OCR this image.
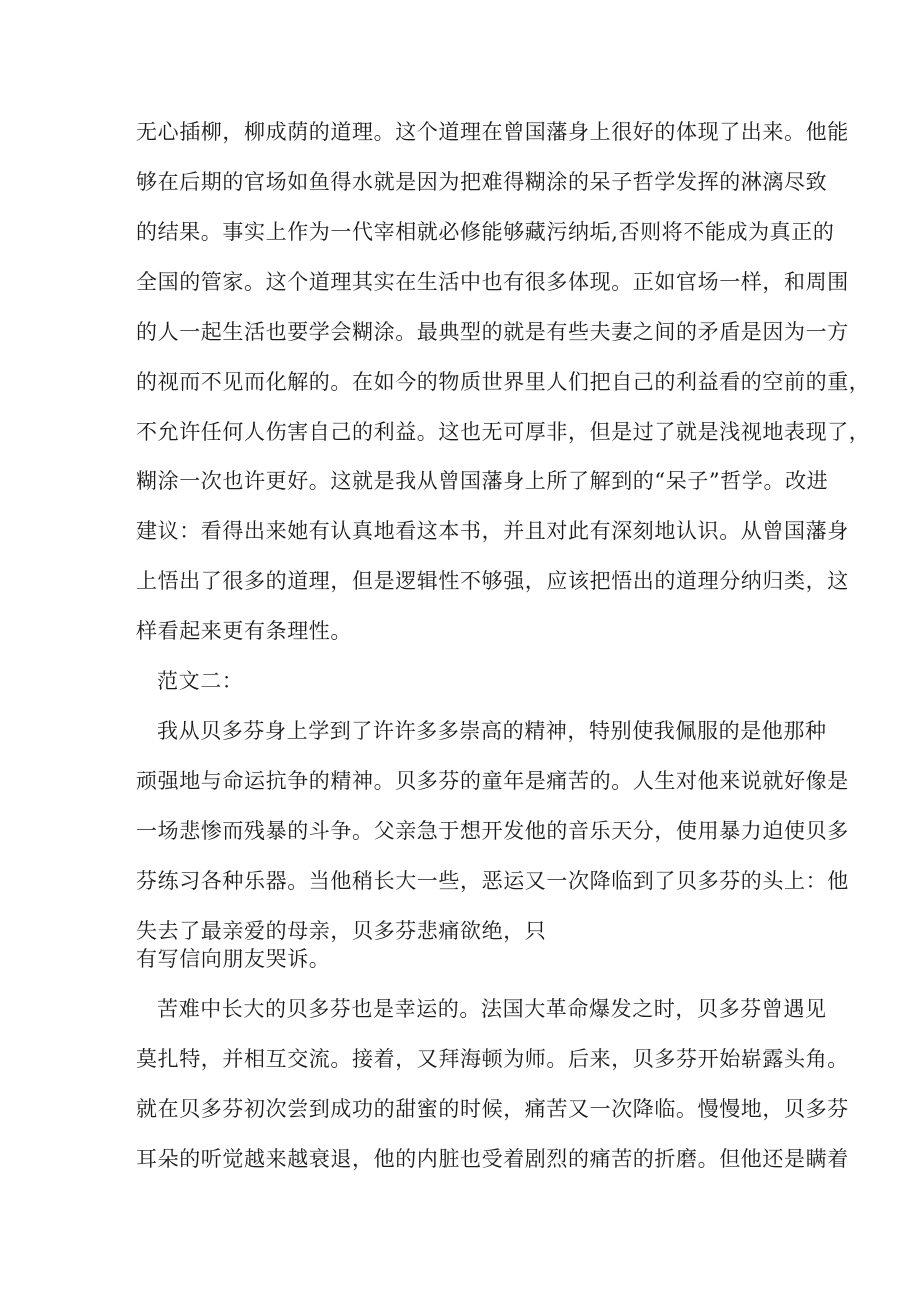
无心插柳，柳成荫的道理。这个道理在曾国藩身上很好的体现了出来。他能
够在后期的官场如鱼得水就是因为把难得糊涂的呆子哲学发挥的淋漓尽致
的结果。事实上作为一代宰相就必修能够藏污纳垢,否则将不能成为真正的
全国的管家。这个道理其实在生活中也有很多体现。正如官场一样，和周围
的人一起生活也要学会糊涂。最典型的就是有些夫妻之间的矛盾是因为一方
的视而不见而化解的。在如今的物质世界里人们把自己的利益看的空前的重，
不允许任何人伤害自己的利益。这也无可厚非，但是过了就是浅视地表现了，
糊涂一次也许更好。这就是我从曾国藩身上所了解到的“呆子”哲学。改进
建议：看得出来她有认真地看这本书，并且对此有深刻地认识。从曾国藩身
上悟出了很多的道理，但是逻辑性不够强，应该把悟出的道理分纳归类，这
样看起来更有条理性。
范文二：
我从贝多芬身上学到了许许多多崇高的精神，特别使我佩服的是他那种
顽强地与命运抗争的精神。贝多芬的童年是痛苦的。人生对他来说就好像是
一场悲惨而残暴的斗争。父亲急于想开发他的音乐天分，使用暴力迫使贝多
芬练习各种乐器。当他稍长大一些，恶运又一次降临到了贝多芬的头上：他
失去了最亲爱的母亲，贝多芬悲痛欲绝，只
有写信向朋友哭诉。
苦难中长大的贝多芬也是幸运的。法国大革命爆发之时，贝多芬曾遇见
莫扎特，并相互交流。接着，又拜海顿为师。后来，贝多芬开始崭露头角。
就在贝多芬初次尝到成功的甜蜜的时候，痛苦又一次降临。慢慢地，贝多芬
耳朵的听觉越来越衰退，他的内脏也受着剧烈的痛苦的折磨。但他还是瞒着
